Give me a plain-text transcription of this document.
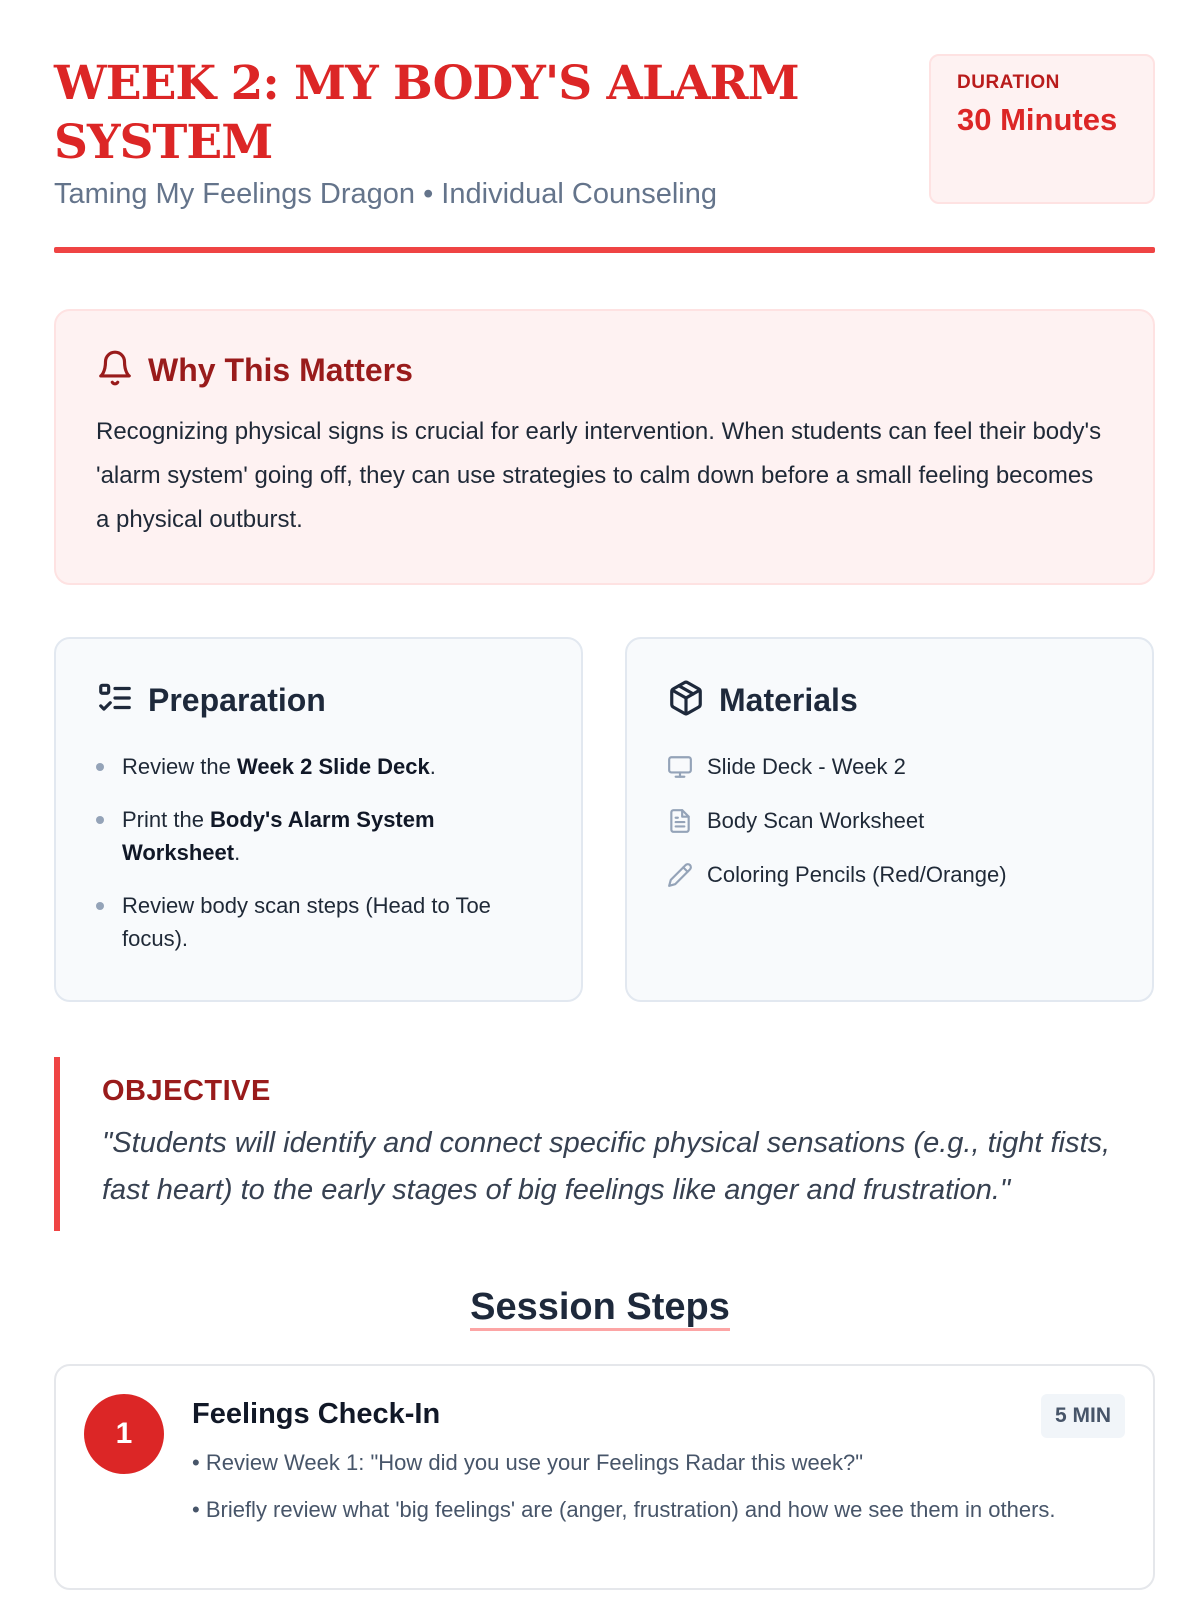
WEEK 2: MY BODY'S ALARM SYSTEM
Taming My Feelings Dragon • Individual Counseling
DURATION
30 Minutes
Why This Matters

Recognizing physical signs is crucial for early intervention. When students can feel their body's 'alarm system' going off, they can use strategies to calm down before a small feeling becomes a physical outburst.

Preparation
Review the Week 2 Slide Deck.
Print the Body's Alarm System Worksheet.
Review body scan steps (Head to Toe focus).
Materials
Slide Deck - Week 2
Body Scan Worksheet
Coloring Pencils (Red/Orange)
OBJECTIVE

"Students will identify and connect specific physical sensations (e.g., tight fists, fast heart) to the early stages of big feelings like anger and frustration."

Session Steps
1
Feelings Check-In	5 MIN

• Review Week 1: "How did you use your Feelings Radar this week?"

• Briefly review what 'big feelings' are (anger, frustration) and how we see them in others.
